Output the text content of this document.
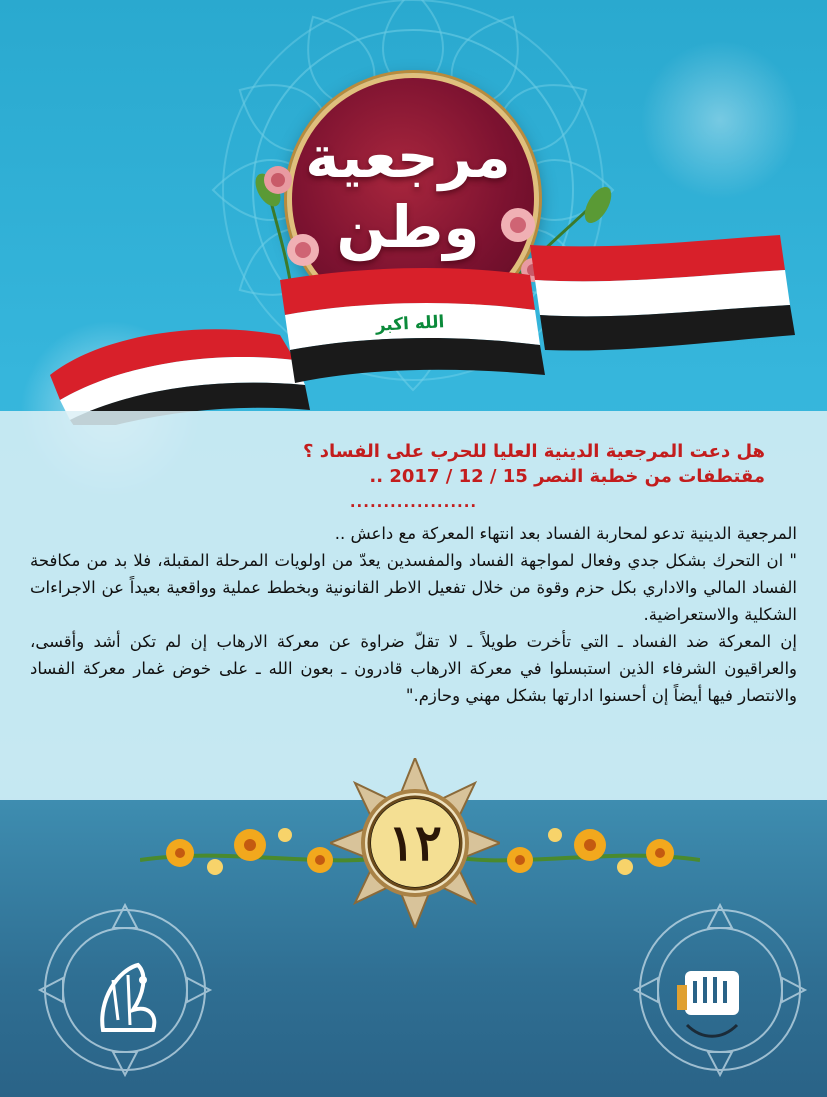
مرجعية
وطن
الله اكبر
هل دعت المرجعية الدينية العليا للحرب على الفساد ؟
مقتطفات من خطبة النصر 15 / 12 / 2017 ..
...................

المرجعية الدينية تدعو لمحاربة الفساد بعد انتهاء المعركة مع داعش ..

" ان التحرك بشكل جدي وفعال لمواجهة الفساد والمفسدين يعدّ من اولويات المرحلة المقبلة، فلا بد من مكافحة الفساد المالي والاداري بكل حزم وقوة من خلال تفعيل الاطر القانونية وبخطط عملية وواقعية بعيداً عن الاجراءات الشكلية والاستعراضية.

إن المعركة ضد الفساد ـ التي تأخرت طويلاً ـ لا تقلّ ضراوة عن معركة الارهاب إن لم تكن أشد وأقسى، والعراقيون الشرفاء الذين استبسلوا في معركة الارهاب قادرون ـ بعون الله ـ على خوض غمار معركة الفساد والانتصار فيها أيضاً إن أحسنوا ادارتها بشكل مهني وحازم."

١٢
